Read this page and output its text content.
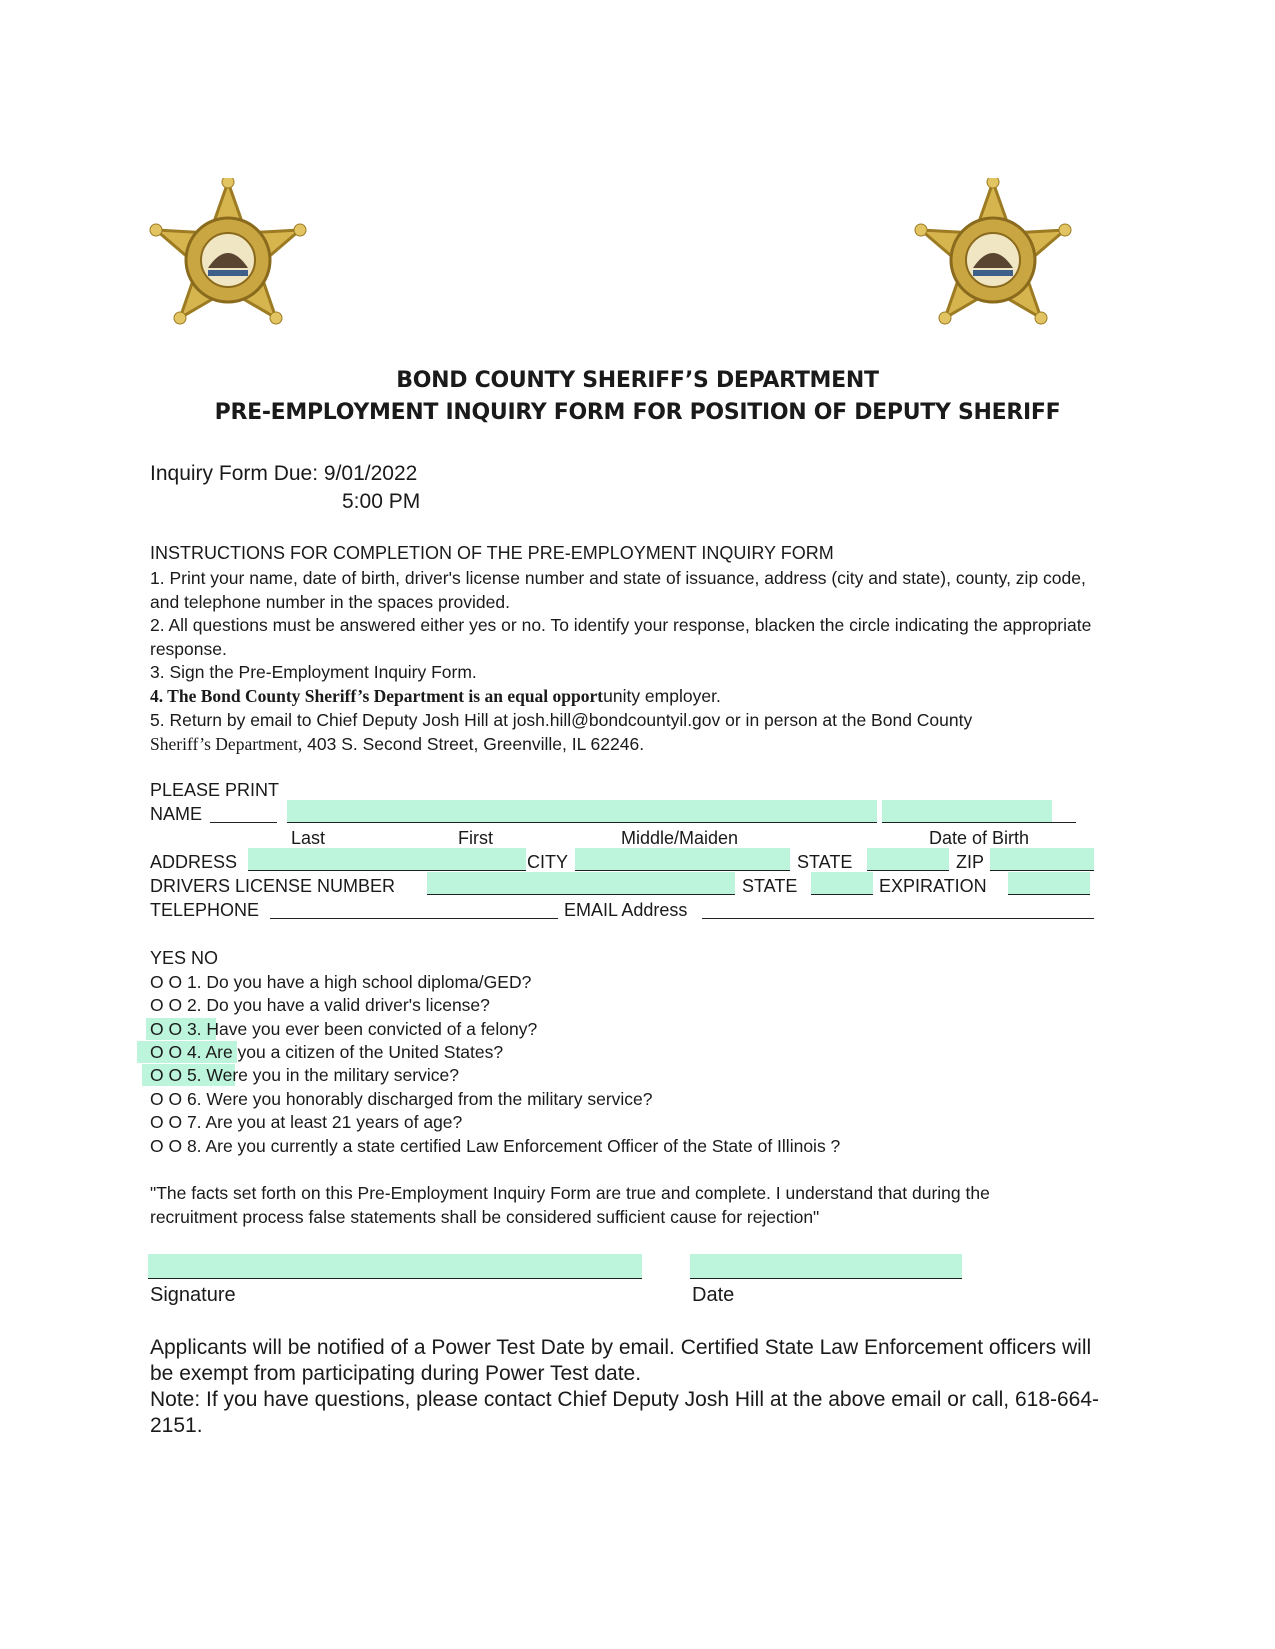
BOND COUNTY SHERIFF’S DEPARTMENT
PRE-EMPLOYMENT INQUIRY FORM FOR POSITION OF DEPUTY SHERIFF
Inquiry Form Due: 9/01/2022
5:00 PM
INSTRUCTIONS FOR COMPLETION OF THE PRE-EMPLOYMENT INQUIRY FORM
1. Print your name, date of birth, driver's license number and state of issuance, address (city and state), county, zip code, and telephone number in the spaces provided.
2. All questions must be answered either yes or no. To identify your response, blacken the circle indicating the appropriate response.
3. Sign the Pre-Employment Inquiry Form.
4. The Bond County Sheriff’s Department is an equal opportunity employer.
5. Return by email to Chief Deputy Josh Hill at josh.hill@bondcountyil.gov or in person at the Bond County
Sheriff’s Department, 403 S. Second Street, Greenville, IL 62246.
PLEASE PRINT
NAME
Last	First	Middle/Maiden	Date of Birth
ADDRESS	CITY	STATE	ZIP
DRIVERS LICENSE NUMBER	STATE	EXPIRATION
TELEPHONE	EMAIL Address
YES NO
O O 1. Do you have a high school diploma/GED?
O O 2. Do you have a valid driver's license?
O O 3. Have you ever been convicted of a felony?
O O 4. Are you a citizen of the United States?
O O 5. Were you in the military service?
O O 6. Were you honorably discharged from the military service?
O O 7. Are you at least 21 years of age?
O O 8. Are you currently a state certified Law Enforcement Officer of the State of Illinois ?
"The facts set forth on this Pre-Employment Inquiry Form are true and complete. I understand that during the
recruitment process false statements shall be considered sufficient cause for rejection"
Signature	Date
Applicants will be notified of a Power Test Date by email. Certified State Law Enforcement officers will
be exempt from participating during Power Test date.
Note: If you have questions, please contact Chief Deputy Josh Hill at the above email or call, 618-664-
2151.
